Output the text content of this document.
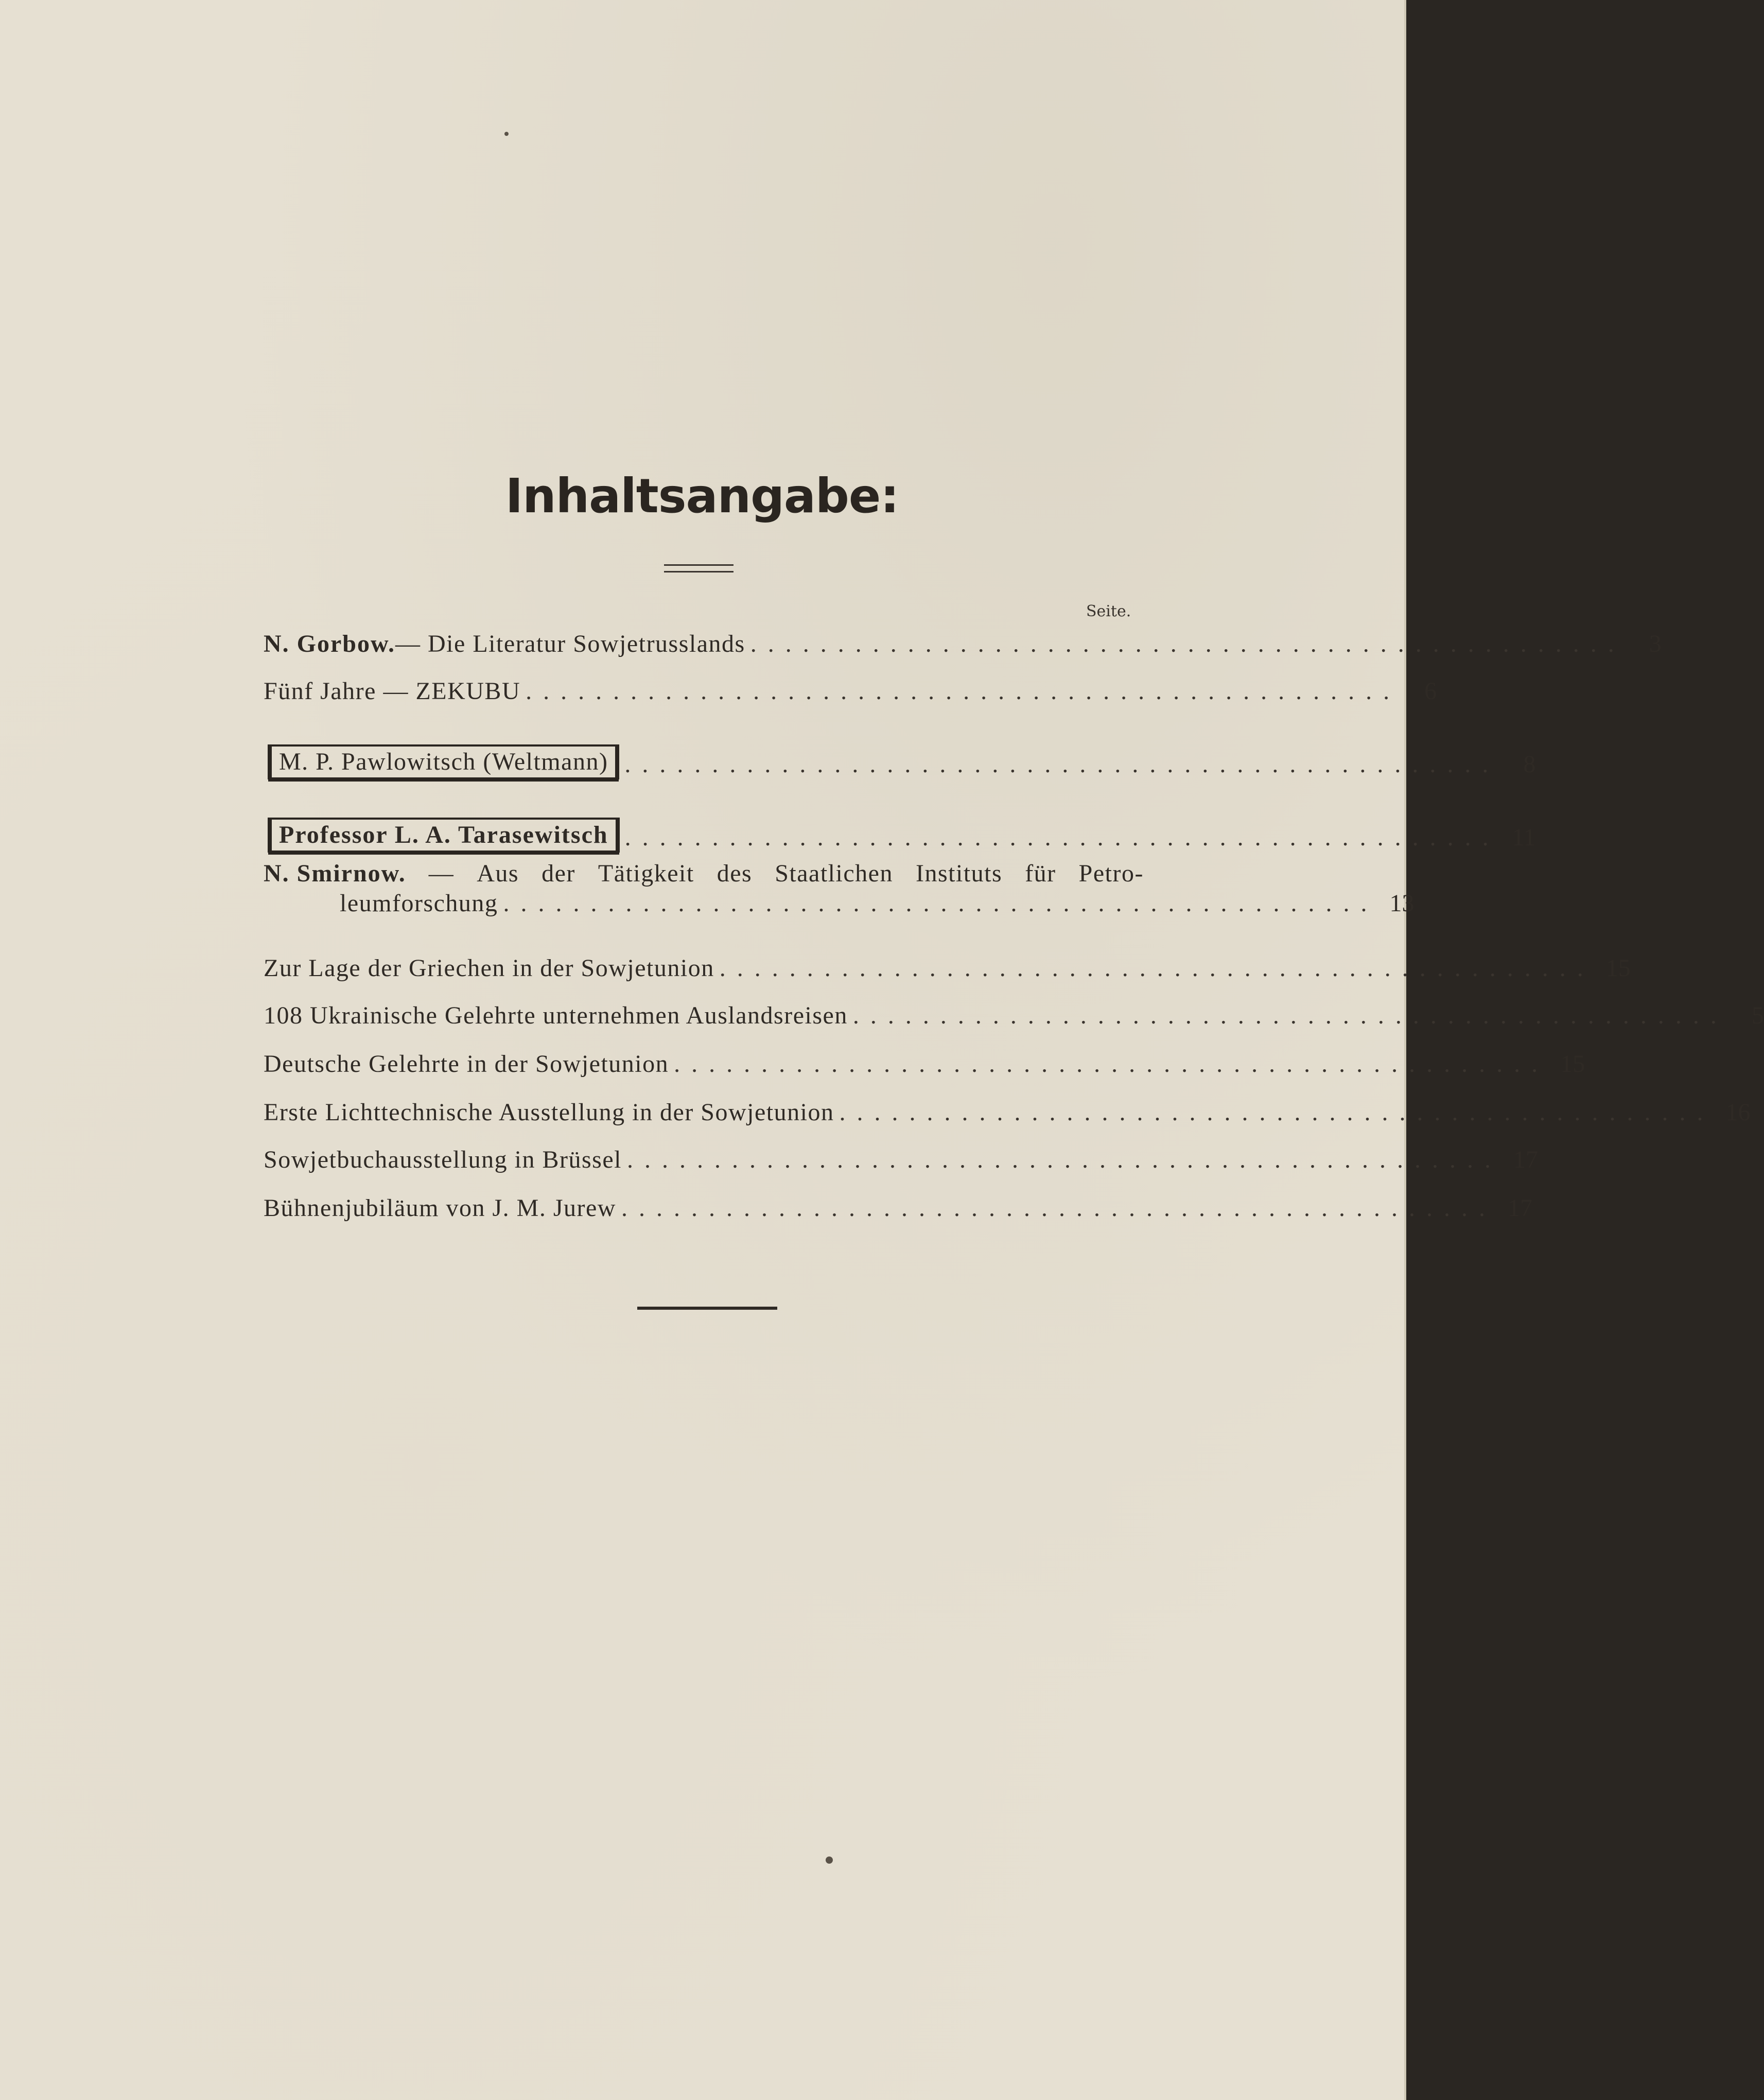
Inhaltsangabe:
Seite.
N. Gorbow. — Die Literatur Sowjetrusslands .................................................. 3
Fünf Jahre — ZEKUBU .................................................. 6
M. P. Pawlowitsch (Weltmann) .................................................. 8
Professor L. A. Tarasewitsch .................................................. 11
N. Smirnow. — Aus der Tätigkeit des Staatlichen Instituts für Petro-
leumforschung .................................................. 13
Zur Lage der Griechen in der Sowjetunion .................................................. 15
108 Ukrainische Gelehrte unternehmen Auslandsreisen .................................................. 5
Deutsche Gelehrte in der Sowjetunion .................................................. 15
Erste Lichttechnische Ausstellung in der Sowjetunion .................................................. 16
Sowjetbuchausstellung in Brüssel .................................................. 17
Bühnenjubiläum von J. M. Jurew .................................................. 17
